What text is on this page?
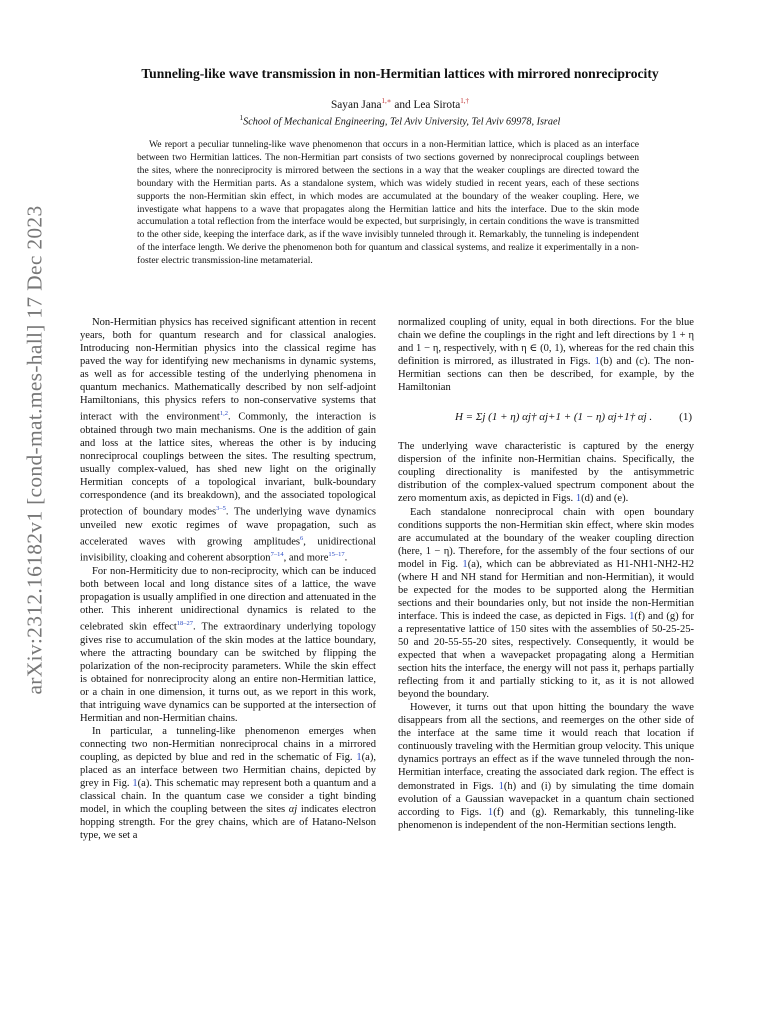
arXiv:2312.16182v1 [cond-mat.mes-hall] 17 Dec 2023
Tunneling-like wave transmission in non-Hermitian lattices with mirrored nonreciprocity
Sayan Jana$^{1,∗}$ and Lea Sirota$^{1,\dagger}$
$^1$School of Mechanical Engineering, Tel Aviv University, Tel Aviv 69978, Israel
We report a peculiar tunneling-like wave phenomenon that occurs in a non-Hermitian lattice, which is placed as an interface between two Hermitian lattices. The non-Hermitian part consists of two sections governed by nonreciprocal couplings between the sites, where the nonreciprocity is mirrored between the sections in a way that the weaker couplings are directed toward the boundary with the Hermitian parts. As a standalone system, which was widely studied in recent years, each of these sections supports the non-Hermitian skin effect, in which modes are accumulated at the boundary of the weaker coupling. Here, we investigate what happens to a wave that propagates along the Hermitian lattice and hits the interface. Due to the skin mode accumulation a total reflection from the interface would be expected, but surprisingly, in certain conditions the wave is transmitted to the other side, keeping the interface dark, as if the wave invisibly tunneled through it. Remarkably, the tunneling is independent of the interface length. We derive the phenomenon both for quantum and classical systems, and realize it experimentally in a non-foster electric transmission-line metamaterial.

Non-Hermitian physics has received significant attention in recent years, both for quantum research and for classical analogies. Introducing non-Hermitian physics into the classical regime has paved the way for identifying new mechanisms in dynamic systems, as well as for accessible testing of the underlying phenomena in quantum mechanics. Mathematically described by non self-adjoint Hamiltonians, this physics refers to non-conservative systems that interact with the environment$^{1,2}$. Commonly, the interaction is obtained through two main mechanisms. One is the addition of gain and loss at the lattice sites, whereas the other is by inducing nonreciprocal couplings between the sites. The resulting spectrum, usually complex-valued, has shed new light on the originally Hermitian concepts of a topological invariant, bulk-boundary correspondence (and its breakdown), and the associated topological protection of boundary modes$^{3-5}$. The underlying wave dynamics unveiled new exotic regimes of wave propagation, such as accelerated waves with growing amplitudes$^6$, unidirectional invisibility, cloaking and coherent absorption$^{7-14}$, and more$^{15-17}$.

For non-Hermiticity due to non-reciprocity, which can be induced both between local and long distance sites of a lattice, the wave propagation is usually amplified in one direction and attenuated in the other. This inherent unidirectional dynamics is related to the celebrated skin effect$^{18-27}$. The extraordinary underlying topology gives rise to accumulation of the skin modes at the lattice boundary, where the attracting boundary can be switched by flipping the polarization of the non-reciprocity parameters. While the skin effect is obtained for nonreciprocity along an entire non-Hermitian lattice, or a chain in one dimension, it turns out, as we report in this work, that intriguing wave dynamics can be supported at the intersection of Hermitian and non-Hermitian chains.

In particular, a tunneling-like phenomenon emerges when connecting two non-Hermitian nonreciprocal chains in a mirrored coupling, as depicted by blue and red in the schematic of Fig. 1(a), placed as an interface between two Hermitian chains, depicted by grey in Fig. 1(a). This schematic may represent both a quantum and a classical chain. In the quantum case we consider a tight binding model, in which the coupling between the sites αj indicates electron hopping strength. For the grey chains, which are of Hatano-Nelson type, we set a

normalized coupling of unity, equal in both directions. For the blue chain we define the couplings in the right and left directions by 1 + η and 1 − η, respectively, with η ∈ (0, 1), whereas for the red chain this definition is mirrored, as illustrated in Figs. 1(b) and (c). The non-Hermitian sections can then be described, for example, by the Hamiltonian

H = Σj (1 + η) αj† αj+1 + (1 − η) αj+1† αj .	(1)

The underlying wave characteristic is captured by the energy dispersion of the infinite non-Hermitian chains. Specifically, the coupling directionality is manifested by the antisymmetric distribution of the complex-valued spectrum component about the zero momentum axis, as depicted in Figs. 1(d) and (e).

Each standalone nonreciprocal chain with open boundary conditions supports the non-Hermitian skin effect, where skin modes are accumulated at the boundary of the weaker coupling direction (here, 1 − η). Therefore, for the assembly of the four sections of our model in Fig. 1(a), which can be abbreviated as H1-NH1-NH2-H2 (where H and NH stand for Hermitian and non-Hermitian), it would be expected for the modes to be supported along the Hermitian sections and their boundaries only, but not inside the non-Hermitian interface. This is indeed the case, as depicted in Figs. 1(f) and (g) for a representative lattice of 150 sites with the assemblies of 50-25-25-50 and 20-55-55-20 sites, respectively. Consequently, it would be expected that when a wavepacket propagating along a Hermitian section hits the interface, the energy will not pass it, perhaps partially reflecting from it and partially sticking to it, as it is not allowed beyond the boundary.

However, it turns out that upon hitting the boundary the wave disappears from all the sections, and reemerges on the other side of the interface at the same time it would reach that location if continuously traveling with the Hermitian group velocity. This unique dynamics portrays an effect as if the wave tunneled through the non-Hermitian interface, creating the associated dark region. The effect is demonstrated in Figs. 1(h) and (i) by simulating the time domain evolution of a Gaussian wavepacket in a quantum chain sectioned according to Figs. 1(f) and (g). Remarkably, this tunneling-like phenomenon is independent of the non-Hermitian sections length.
